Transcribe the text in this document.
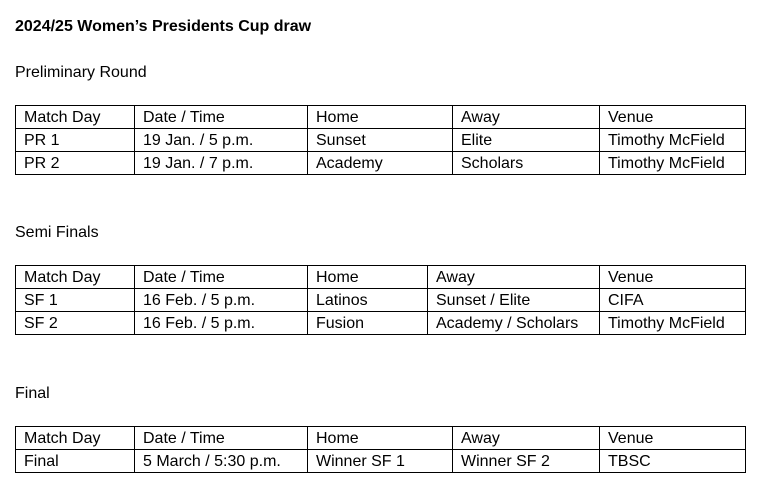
2024/25 Women’s Presidents Cup draw
Preliminary Round
Match Day	Date / Time	Home	Away	Venue
PR 1	19 Jan. / 5 p.m.	Sunset	Elite	Timothy McField
PR 2	19 Jan. / 7 p.m.	Academy	Scholars	Timothy McField
Semi Finals
Match Day	Date / Time	Home	Away	Venue
SF 1	16 Feb. / 5 p.m.	Latinos	Sunset / Elite	CIFA
SF 2	16 Feb. / 5 p.m.	Fusion	Academy / Scholars	Timothy McField
Final
Match Day	Date / Time	Home	Away	Venue
Final	5 March / 5:30 p.m.	Winner SF 1	Winner SF 2	TBSC
